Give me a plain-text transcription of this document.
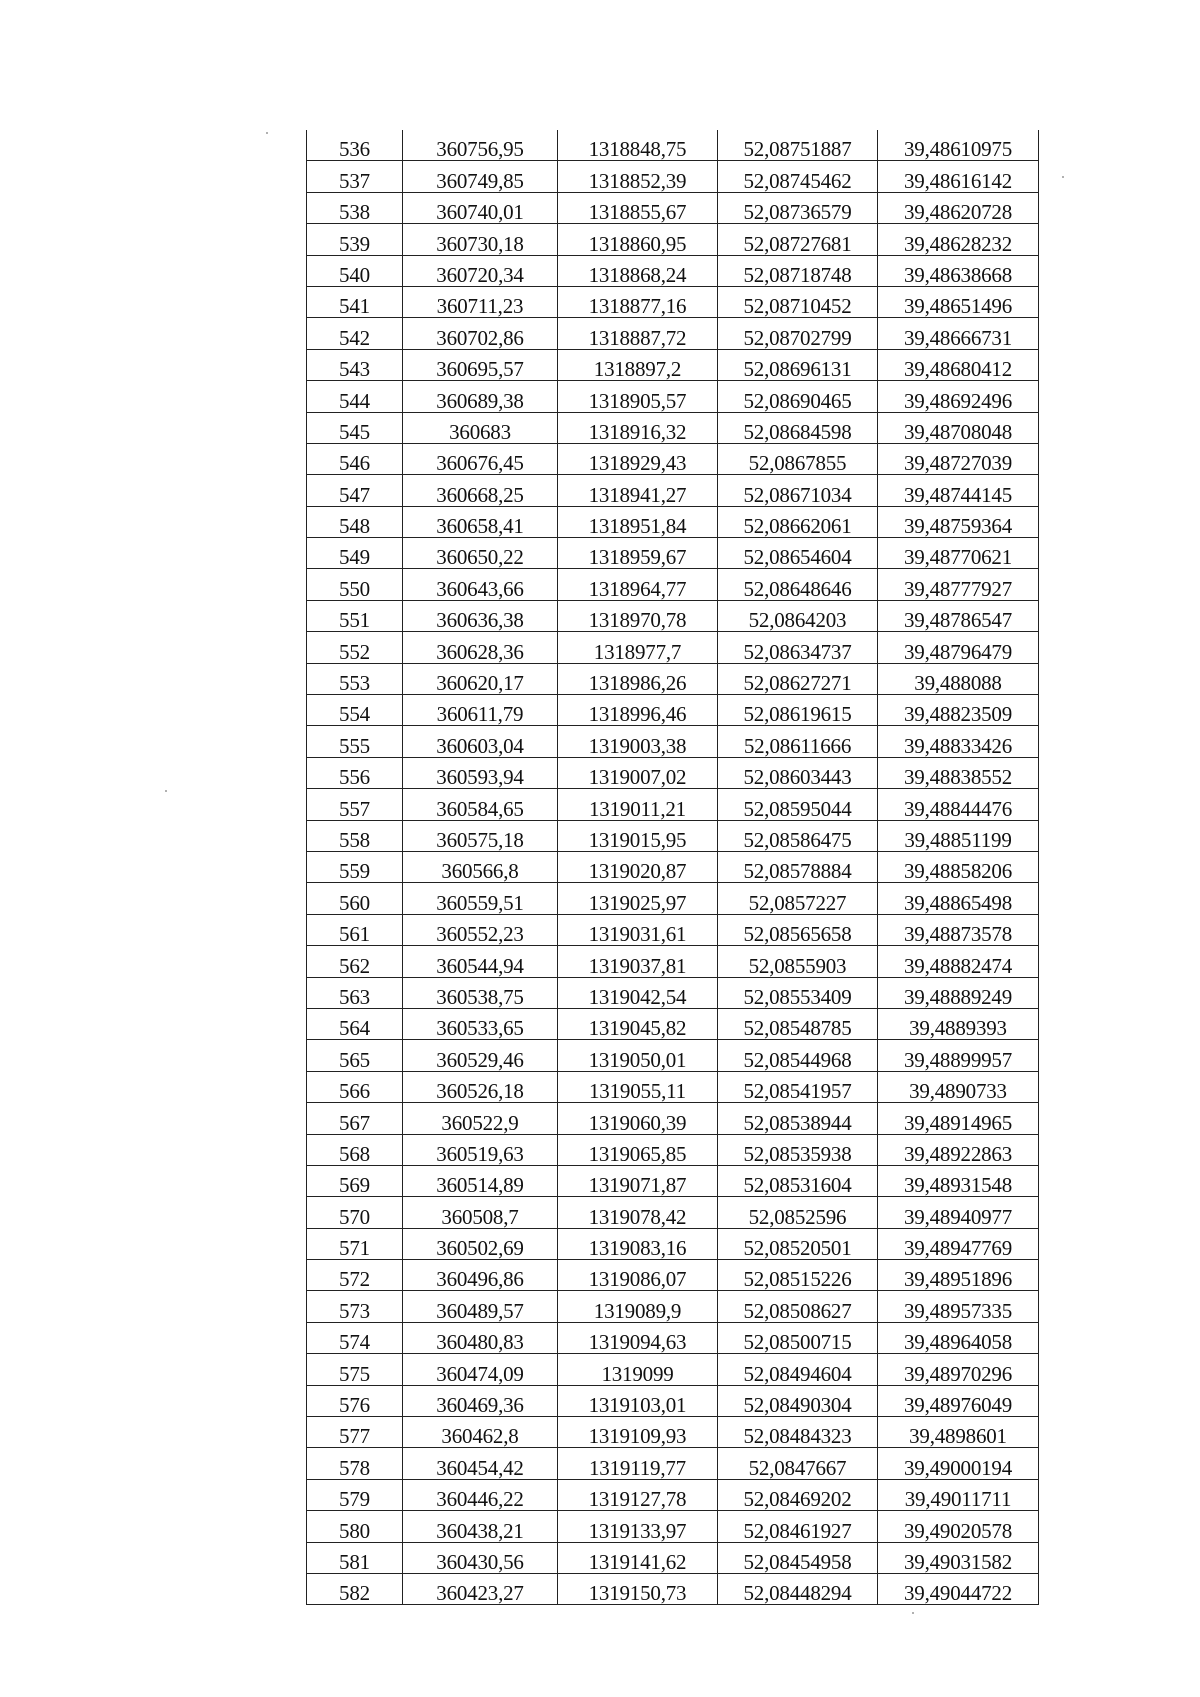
536	360756,95	1318848,75	52,08751887	39,48610975
537	360749,85	1318852,39	52,08745462	39,48616142
538	360740,01	1318855,67	52,08736579	39,48620728
539	360730,18	1318860,95	52,08727681	39,48628232
540	360720,34	1318868,24	52,08718748	39,48638668
541	360711,23	1318877,16	52,08710452	39,48651496
542	360702,86	1318887,72	52,08702799	39,48666731
543	360695,57	1318897,2	52,08696131	39,48680412
544	360689,38	1318905,57	52,08690465	39,48692496
545	360683	1318916,32	52,08684598	39,48708048
546	360676,45	1318929,43	52,0867855	39,48727039
547	360668,25	1318941,27	52,08671034	39,48744145
548	360658,41	1318951,84	52,08662061	39,48759364
549	360650,22	1318959,67	52,08654604	39,48770621
550	360643,66	1318964,77	52,08648646	39,48777927
551	360636,38	1318970,78	52,0864203	39,48786547
552	360628,36	1318977,7	52,08634737	39,48796479
553	360620,17	1318986,26	52,08627271	39,488088
554	360611,79	1318996,46	52,08619615	39,48823509
555	360603,04	1319003,38	52,08611666	39,48833426
556	360593,94	1319007,02	52,08603443	39,48838552
557	360584,65	1319011,21	52,08595044	39,48844476
558	360575,18	1319015,95	52,08586475	39,48851199
559	360566,8	1319020,87	52,08578884	39,48858206
560	360559,51	1319025,97	52,0857227	39,48865498
561	360552,23	1319031,61	52,08565658	39,48873578
562	360544,94	1319037,81	52,0855903	39,48882474
563	360538,75	1319042,54	52,08553409	39,48889249
564	360533,65	1319045,82	52,08548785	39,4889393
565	360529,46	1319050,01	52,08544968	39,48899957
566	360526,18	1319055,11	52,08541957	39,4890733
567	360522,9	1319060,39	52,08538944	39,48914965
568	360519,63	1319065,85	52,08535938	39,48922863
569	360514,89	1319071,87	52,08531604	39,48931548
570	360508,7	1319078,42	52,0852596	39,48940977
571	360502,69	1319083,16	52,08520501	39,48947769
572	360496,86	1319086,07	52,08515226	39,48951896
573	360489,57	1319089,9	52,08508627	39,48957335
574	360480,83	1319094,63	52,08500715	39,48964058
575	360474,09	1319099	52,08494604	39,48970296
576	360469,36	1319103,01	52,08490304	39,48976049
577	360462,8	1319109,93	52,08484323	39,4898601
578	360454,42	1319119,77	52,0847667	39,49000194
579	360446,22	1319127,78	52,08469202	39,49011711
580	360438,21	1319133,97	52,08461927	39,49020578
581	360430,56	1319141,62	52,08454958	39,49031582
582	360423,27	1319150,73	52,08448294	39,49044722
